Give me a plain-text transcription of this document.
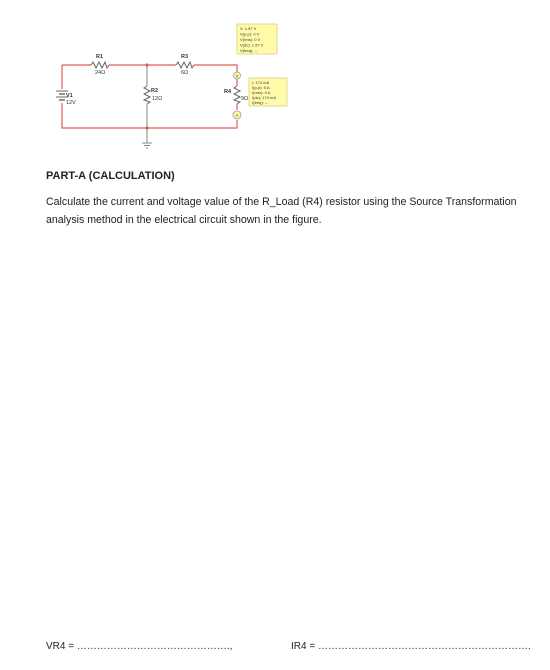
R1
24Ω
R3
6Ω
R2
12Ω
R4
9Ω
V1
12V
V
A
V: 1.57 V
V(p-p): 0 V
V(rms): 0 V
V(dc): 1.57 V
V(freq): --
I: 174 mA
I(p-p): 0 A
I(rms): 0 A
I(dc): 174 mA
I(freq): --
PART-A (CALCULATION)
Calculate the current and voltage value of the R_Load (R4) resistor using the Source Transformation analysis method in the electrical circuit shown in the figure.
VR4 = ……………………………………….,	IR4 = ……………………………………………………….
